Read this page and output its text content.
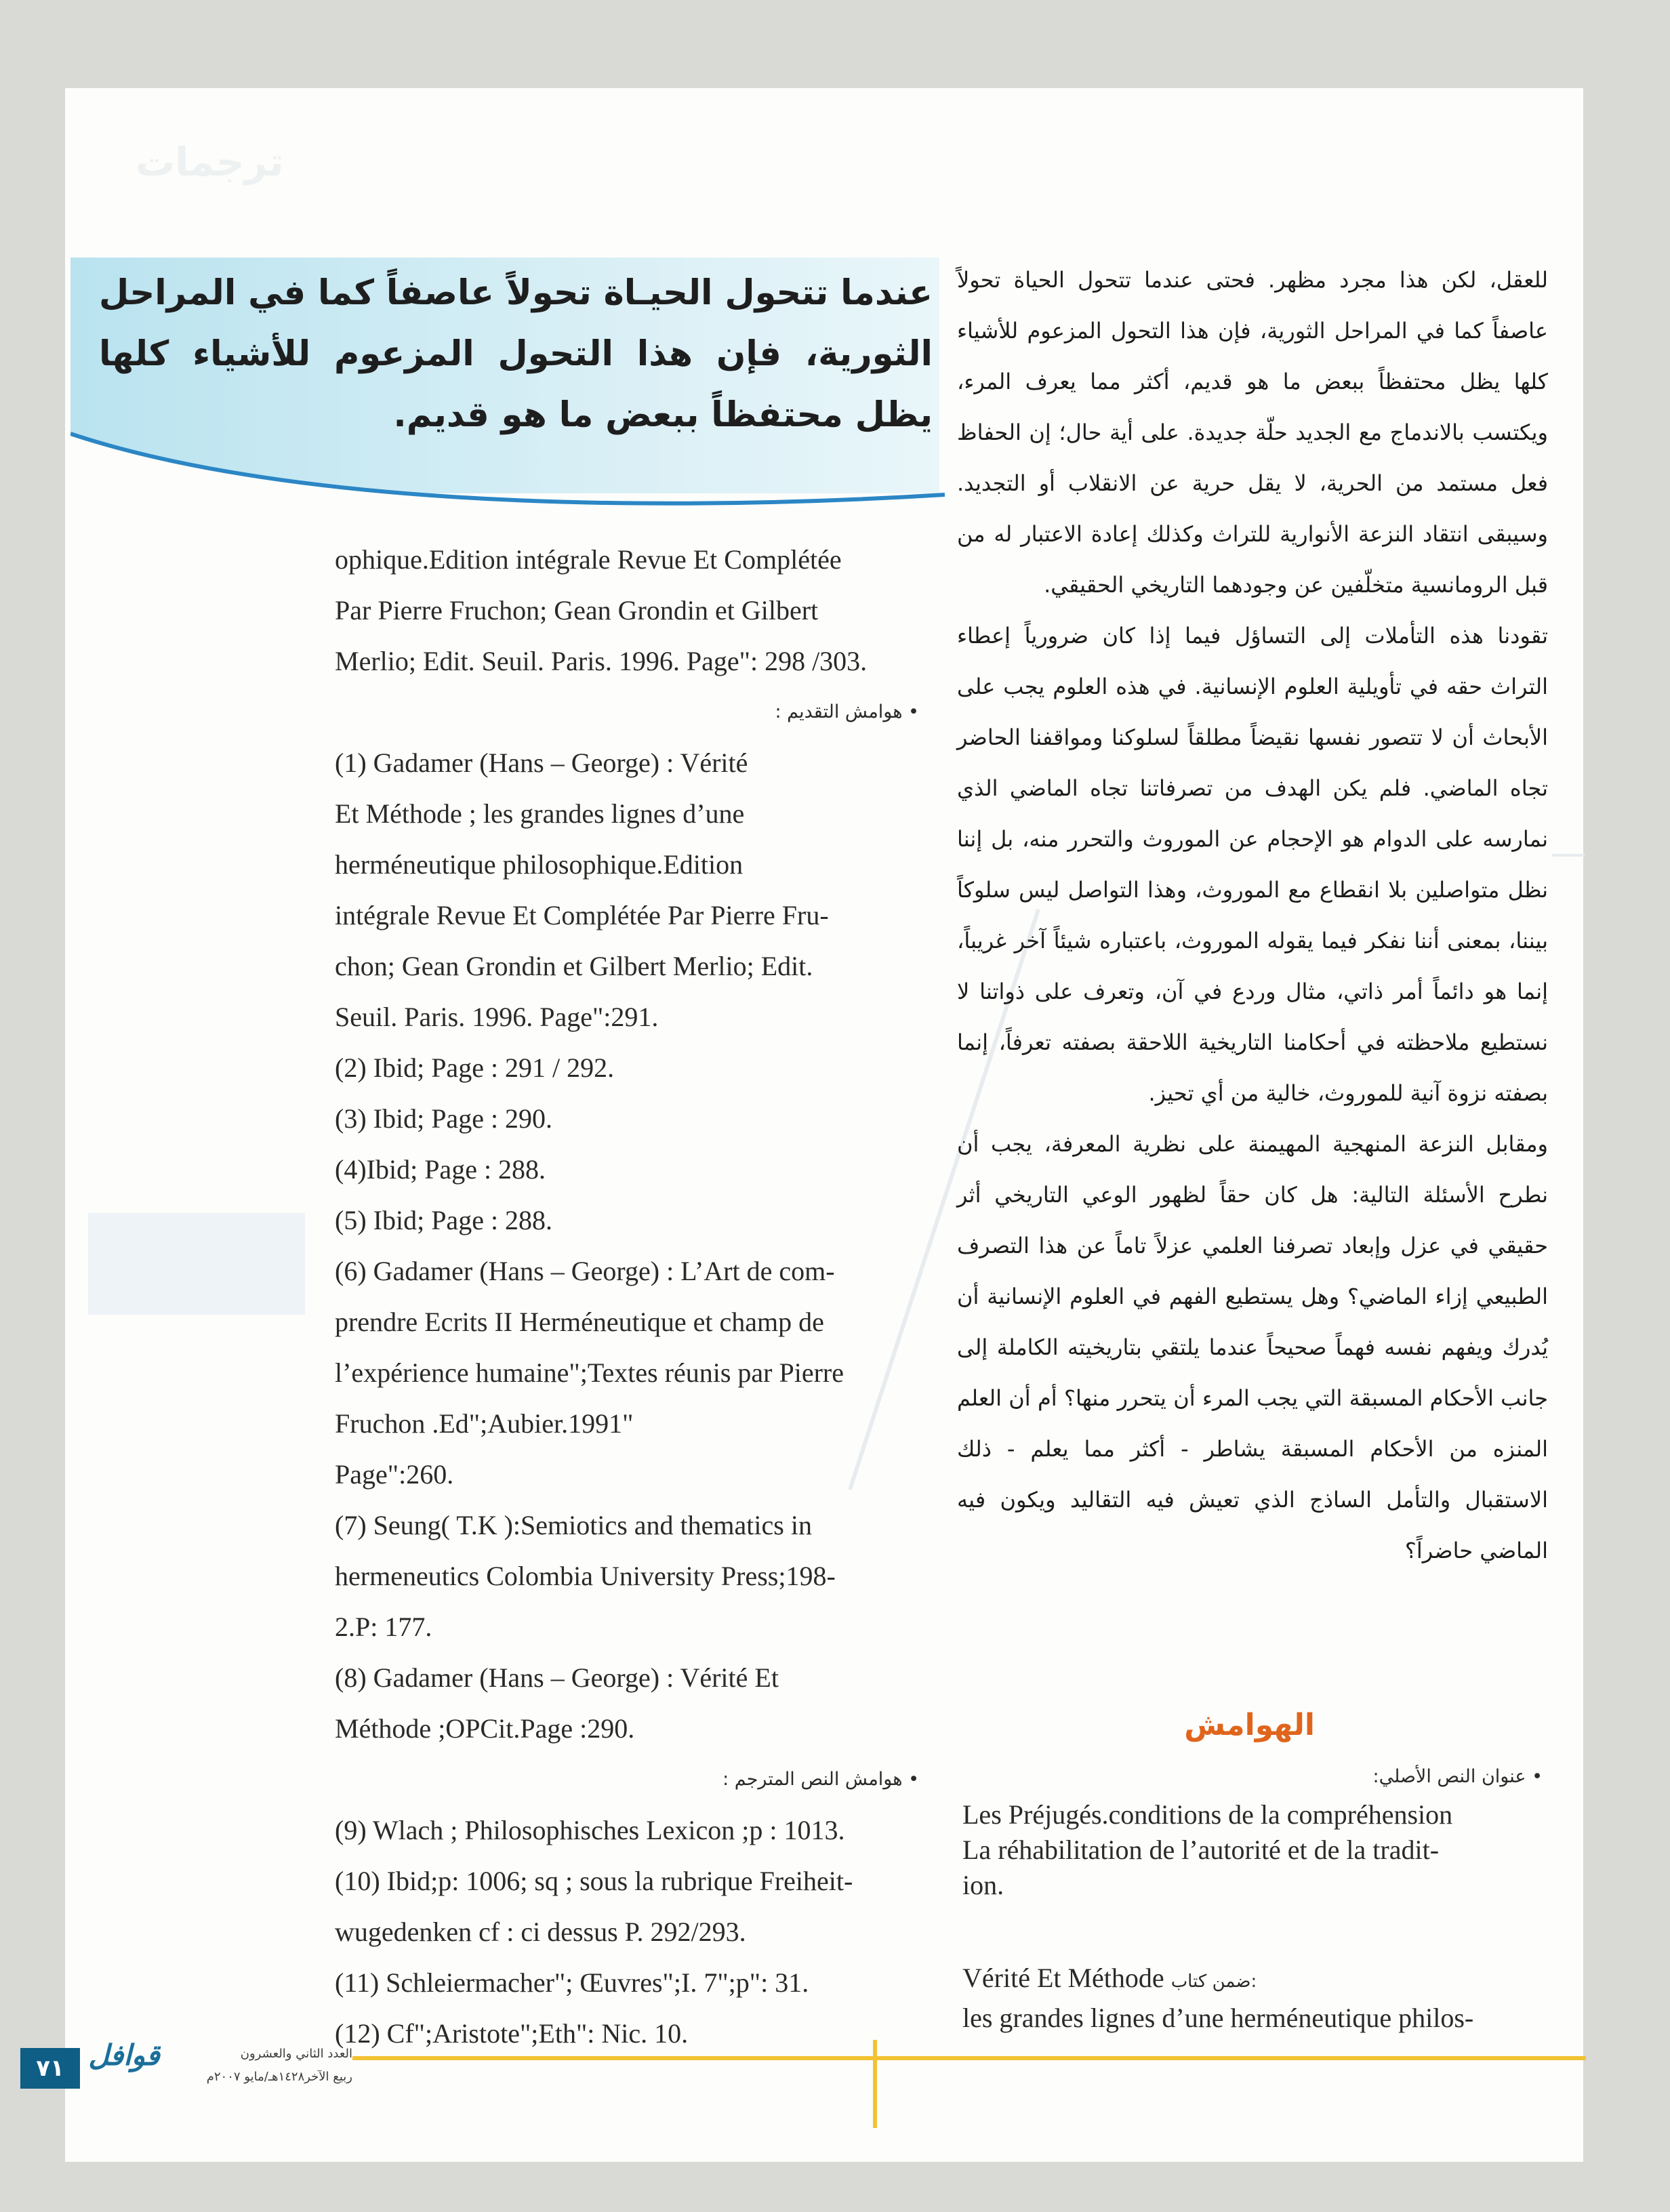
ترجمات

للعقل، لكن هذا مجرد مظهر. فحتى عندما تتحول الحياة تحولاً عاصفاً كما في المراحل الثورية، فإن هذا التحول المزعوم للأشياء كلها يظل محتفظاً ببعض ما هو قديم، أكثر مما يعرف المرء، ويكتسب بالاندماج مع الجديد حلّة جديدة. على أية حال؛ إن الحفاظ فعل مستمد من الحرية، لا يقل حرية عن الانقلاب أو التجديد. وسيبقى انتقاد النزعة الأنوارية للتراث وكذلك إعادة الاعتبار له من قبل الرومانسية متخلّفين عن وجودهما التاريخي الحقيقي.

تقودنا هذه التأملات إلى التساؤل فيما إذا كان ضرورياً إعطاء التراث حقه في تأويلية العلوم الإنسانية. في هذه العلوم يجب على الأبحاث أن لا تتصور نفسها نقيضاً مطلقاً لسلوكنا ومواقفنا الحاضر تجاه الماضي. فلم يكن الهدف من تصرفاتنا تجاه الماضي الذي نمارسه على الدوام هو الإحجام عن الموروث والتحرر منه، بل إننا نظل متواصلين بلا انقطاع مع الموروث، وهذا التواصل ليس سلوكاً بيننا، بمعنى أننا نفكر فيما يقوله الموروث، باعتباره شيئاً آخر غريباً، إنما هو دائماً أمر ذاتي، مثال وردع في آن، وتعرف على ذواتنا لا نستطيع ملاحظته في أحكامنا التاريخية اللاحقة بصفته تعرفاً، إنما بصفته نزوة آنية للموروث، خالية من أي تحيز.

ومقابل النزعة المنهجية المهيمنة على نظرية المعرفة، يجب أن نطرح الأسئلة التالية: هل كان حقاً لظهور الوعي التاريخي أثر حقيقي في عزل وإبعاد تصرفنا العلمي عزلاً تاماً عن هذا التصرف الطبيعي إزاء الماضي؟ وهل يستطيع الفهم في العلوم الإنسانية أن يُدرك ويفهم نفسه فهماً صحيحاً عندما يلتقي بتاريخيته الكاملة إلى جانب الأحكام المسبقة التي يجب المرء أن يتحرر منها؟ أم أن العلم المنزه من الأحكام المسبقة يشاطر - أكثر مما يعلم - ذلك الاستقبال والتأمل الساذج الذي تعيش فيه التقاليد ويكون فيه الماضي حاضراً؟

عندما تتحول الحيـاة تحولاً عاصفاً كما في المراحل الثورية، فإن هذا التحول المزعوم للأشياء كلها يظل محتفظاً ببعض ما هو قديم.
ophique.Edition intégrale Revue Et Complétée
Par Pierre Fruchon; Gean Grondin et Gilbert
Merlio; Edit. Seuil. Paris. 1996. Page": 298 /303.
• هوامش التقديم :
(1) Gadamer (Hans – George) : Vérité
Et Méthode ; les grandes lignes d’une
herméneutique philosophique.Edition
intégrale Revue Et Complétée Par Pierre Fru-
chon; Gean Grondin et Gilbert Merlio; Edit.
Seuil. Paris. 1996. Page":291.
(2) Ibid; Page : 291 / 292.
(3) Ibid; Page : 290.
(4)Ibid; Page : 288.
(5) Ibid; Page : 288.
(6) Gadamer (Hans – George) : L’Art de com-
prendre Ecrits II Herméneutique et champ de
l’expérience humaine";Textes réunis par Pierre
Fruchon .Ed";Aubier.1991"
Page":260.
(7) Seung( T.K ):Semiotics and thematics in
hermeneutics Colombia University Press;198-
2.P: 177.
(8) Gadamer (Hans – George) : Vérité Et
Méthode ;OPCit.Page :290.
• هوامش النص المترجم :
(9) Wlach ; Philosophisches Lexicon ;p : 1013.
(10) Ibid;p: 1006; sq ; sous la rubrique Freiheit-
wugedenken cf : ci dessus P. 292/293.
(11) Schleiermacher"; Œuvres";I. 7";p": 31.
(12) Cf";Aristote";Eth": Nic. 10.
الهوامش
• عنوان النص الأصلي:
Les Préjugés.conditions de la compréhension
La réhabilitation de l’autorité et de la tradit-
ion.
Vérité Et Méthode ضمن كتاب:
les grandes lignes d’une herméneutique philos-
العدد الثاني والعشرون
ربيع الآخر١٤٢٨هـ/مايو ٢٠٠٧م
قوافل
٧١
